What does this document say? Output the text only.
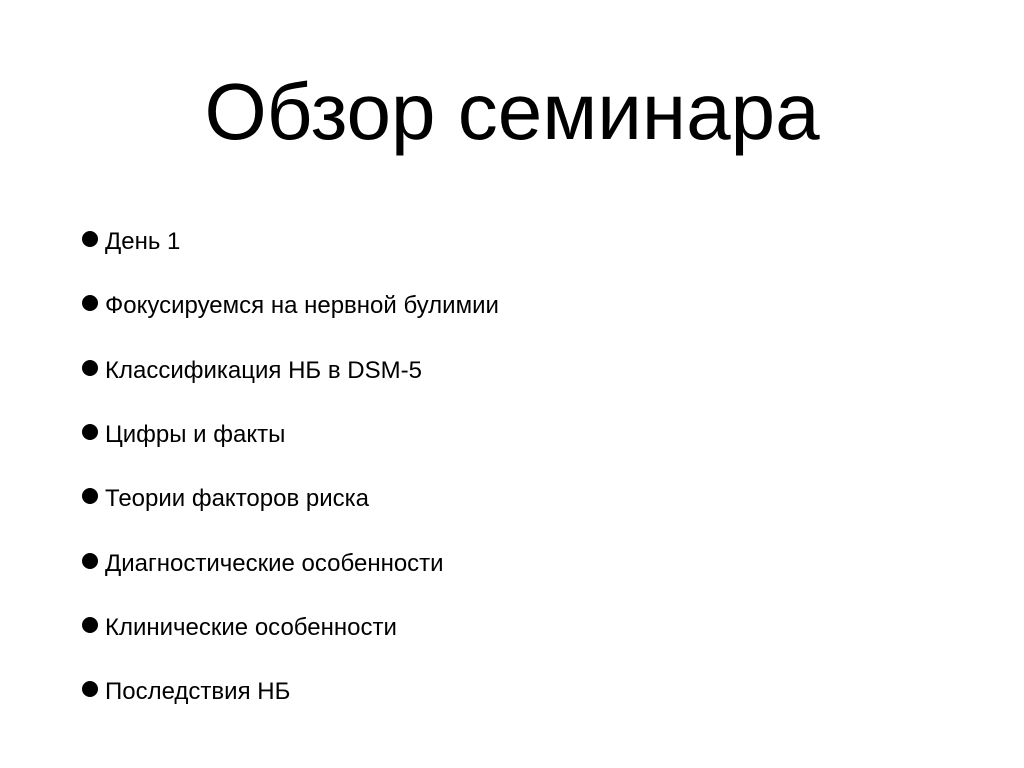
Обзор семинара
День 1
Фокусируемся на нервной булимии
Классификация НБ в DSM-5
Цифры и факты
Теории факторов риска
Диагностические особенности
Клинические особенности
Последствия НБ
